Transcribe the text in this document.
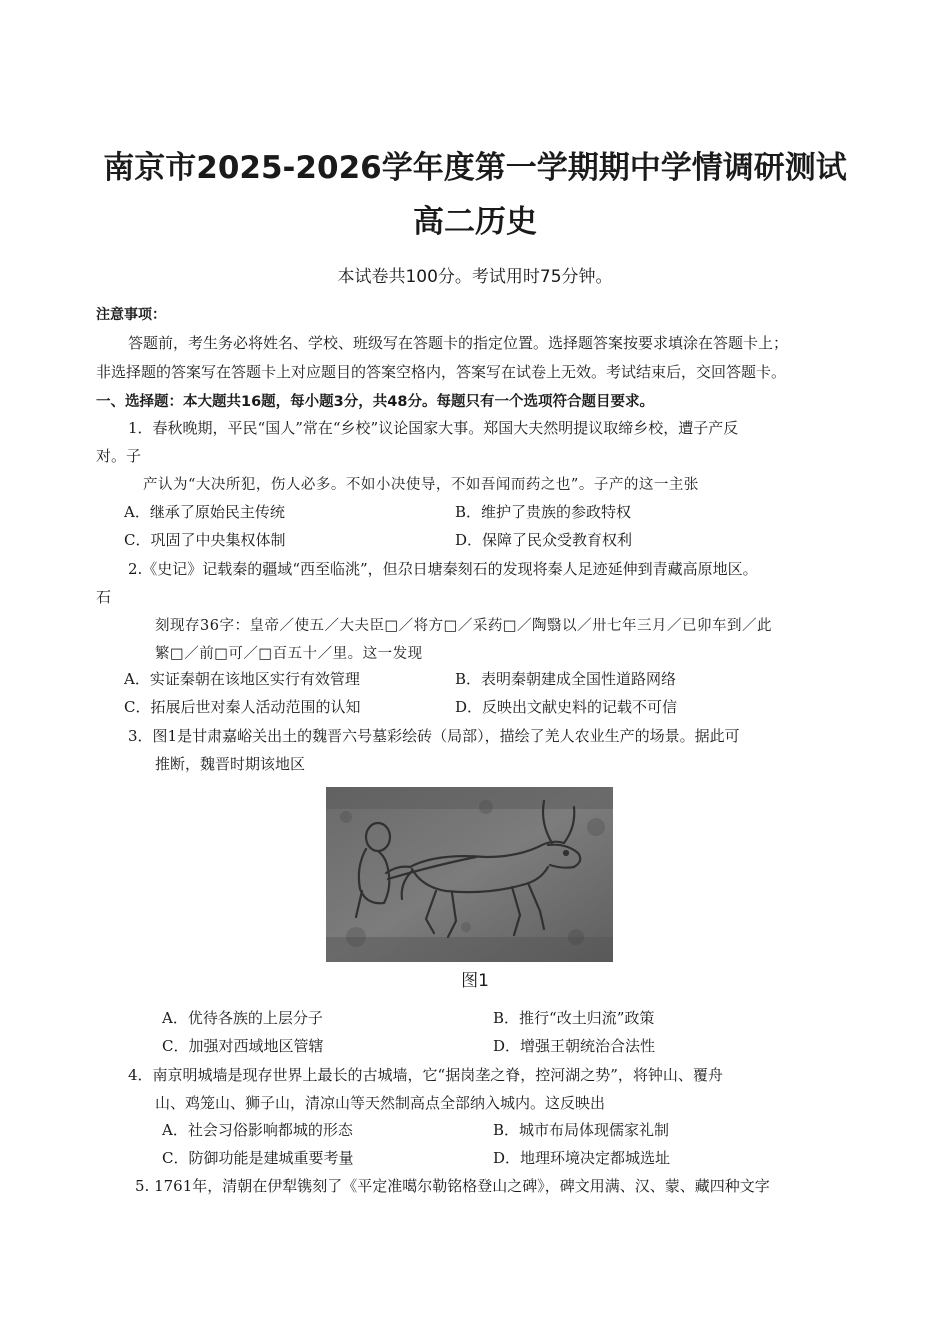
南京市2025-2026学年度第一学期期中学情调研测试
高二历史
本试卷共100分。考试用时75分钟。
注意事项：
答题前，考生务必将姓名、学校、班级写在答题卡的指定位置。选择题答案按要求填涂在答题卡上；
非选择题的答案写在答题卡上对应题目的答案空格内，答案写在试卷上无效。考试结束后，交回答题卡。
一、选择题：本大题共16题，每小题3分，共48分。每题只有一个选项符合题目要求。
1．春秋晚期，平民“国人”常在“乡校”议论国家大事。郑国大夫然明提议取缔乡校，遭子产反
对。子
产认为“大决所犯，伤人必多。不如小决使导，不如吾闻而药之也”。子产的这一主张
A．继承了原始民主传统	B．维护了贵族的参政特权
C．巩固了中央集权体制	D．保障了民众受教育权利
2.《史记》记载秦的疆域“西至临洮”，但尕日塘秦刻石的发现将秦人足迹延伸到青藏高原地区。
石
刻现存36字：皇帝／使五／大夫臣□／将方□／采药□／陶翳以／卅七年三月／已卯车到／此
繁□／前□可／□百五十／里。这一发现
A．实证秦朝在该地区实行有效管理	B．表明秦朝建成全国性道路网络
C．拓展后世对秦人活动范围的认知	D．反映出文献史料的记载不可信
3．图1是甘肃嘉峪关出土的魏晋六号墓彩绘砖（局部），描绘了羌人农业生产的场景。据此可
推断，魏晋时期该地区
图1
A．优待各族的上层分子	B．推行“改土归流”政策
C．加强对西域地区管辖	D．增强王朝统治合法性
4．南京明城墙是现存世界上最长的古城墙，它“据岗垄之脊，控河湖之势”，将钟山、覆舟
山、鸡笼山、狮子山，清凉山等天然制高点全部纳入城内。这反映出
A．社会习俗影响都城的形态	B．城市布局体现儒家礼制
C．防御功能是建城重要考量	D．地理环境决定都城选址
5. 1761年，清朝在伊犁镌刻了《平定准噶尔勒铭格登山之碑》，碑文用满、汉、蒙、藏四种文字
